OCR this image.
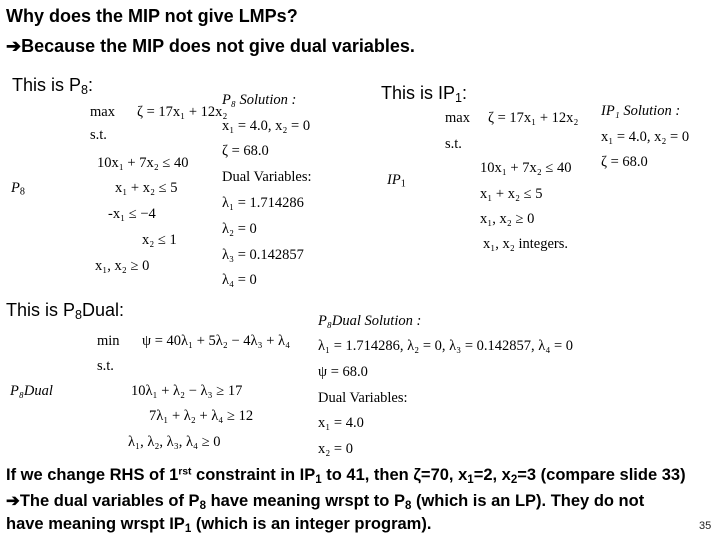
Why does the MIP not give LMPs?
➔Because the MIP does not give dual variables.
This is $P_8$:
$P_8$
max ζ = 17x₁ + 12x₂
s.t.
10x₁ + 7x₂ ≤ 40
x₁ + x₂ ≤ 5
-x₁ ≤ −4
x₂ ≤ 1
x₁, x₂ ≥ 0
P₈ Solution :
x₁ = 4.0, x₂ = 0
ζ = 68.0
Dual Variables:
λ₁ = 1.714286
λ₂ = 0
λ₃ = 0.142857
λ₄ = 0
This is $IP_1$:
$IP_1$
max ζ = 17x₁ + 12x₂
s.t.
10x₁ + 7x₂ ≤ 40
x₁ + x₂ ≤ 5
x₁, x₂ ≥ 0
x₁, x₂ integers.
IP₁ Solution :
x₁ = 4.0, x₂ = 0
ζ = 68.0
This is $P_8Dual$:
P₈Dual
min ψ = 40λ₁ + 5λ₂ − 4λ₃ + λ₄
s.t.
10λ₁ + λ₂ − λ₃ ≥ 17
7λ₁ + λ₂ + λ₄ ≥ 12
λ₁, λ₂, λ₃, λ₄ ≥ 0
P₈Dual Solution :
λ₁ = 1.714286, λ₂ = 0, λ₃ = 0.142857, λ₄ = 0
ψ = 68.0
Dual Variables:
x₁ = 4.0
x₂ = 0
If we change RHS of $1^{rst}$ constraint in $IP_1$ to 41, then ζ=70, $x_1=2$, $x_2=3$ (compare slide 33)
➔The dual variables of $P_8$ have meaning wrspt to $P_8$ (which is an LP). They do not
have meaning wrspt $IP_1$ (which is an integer program).	35
